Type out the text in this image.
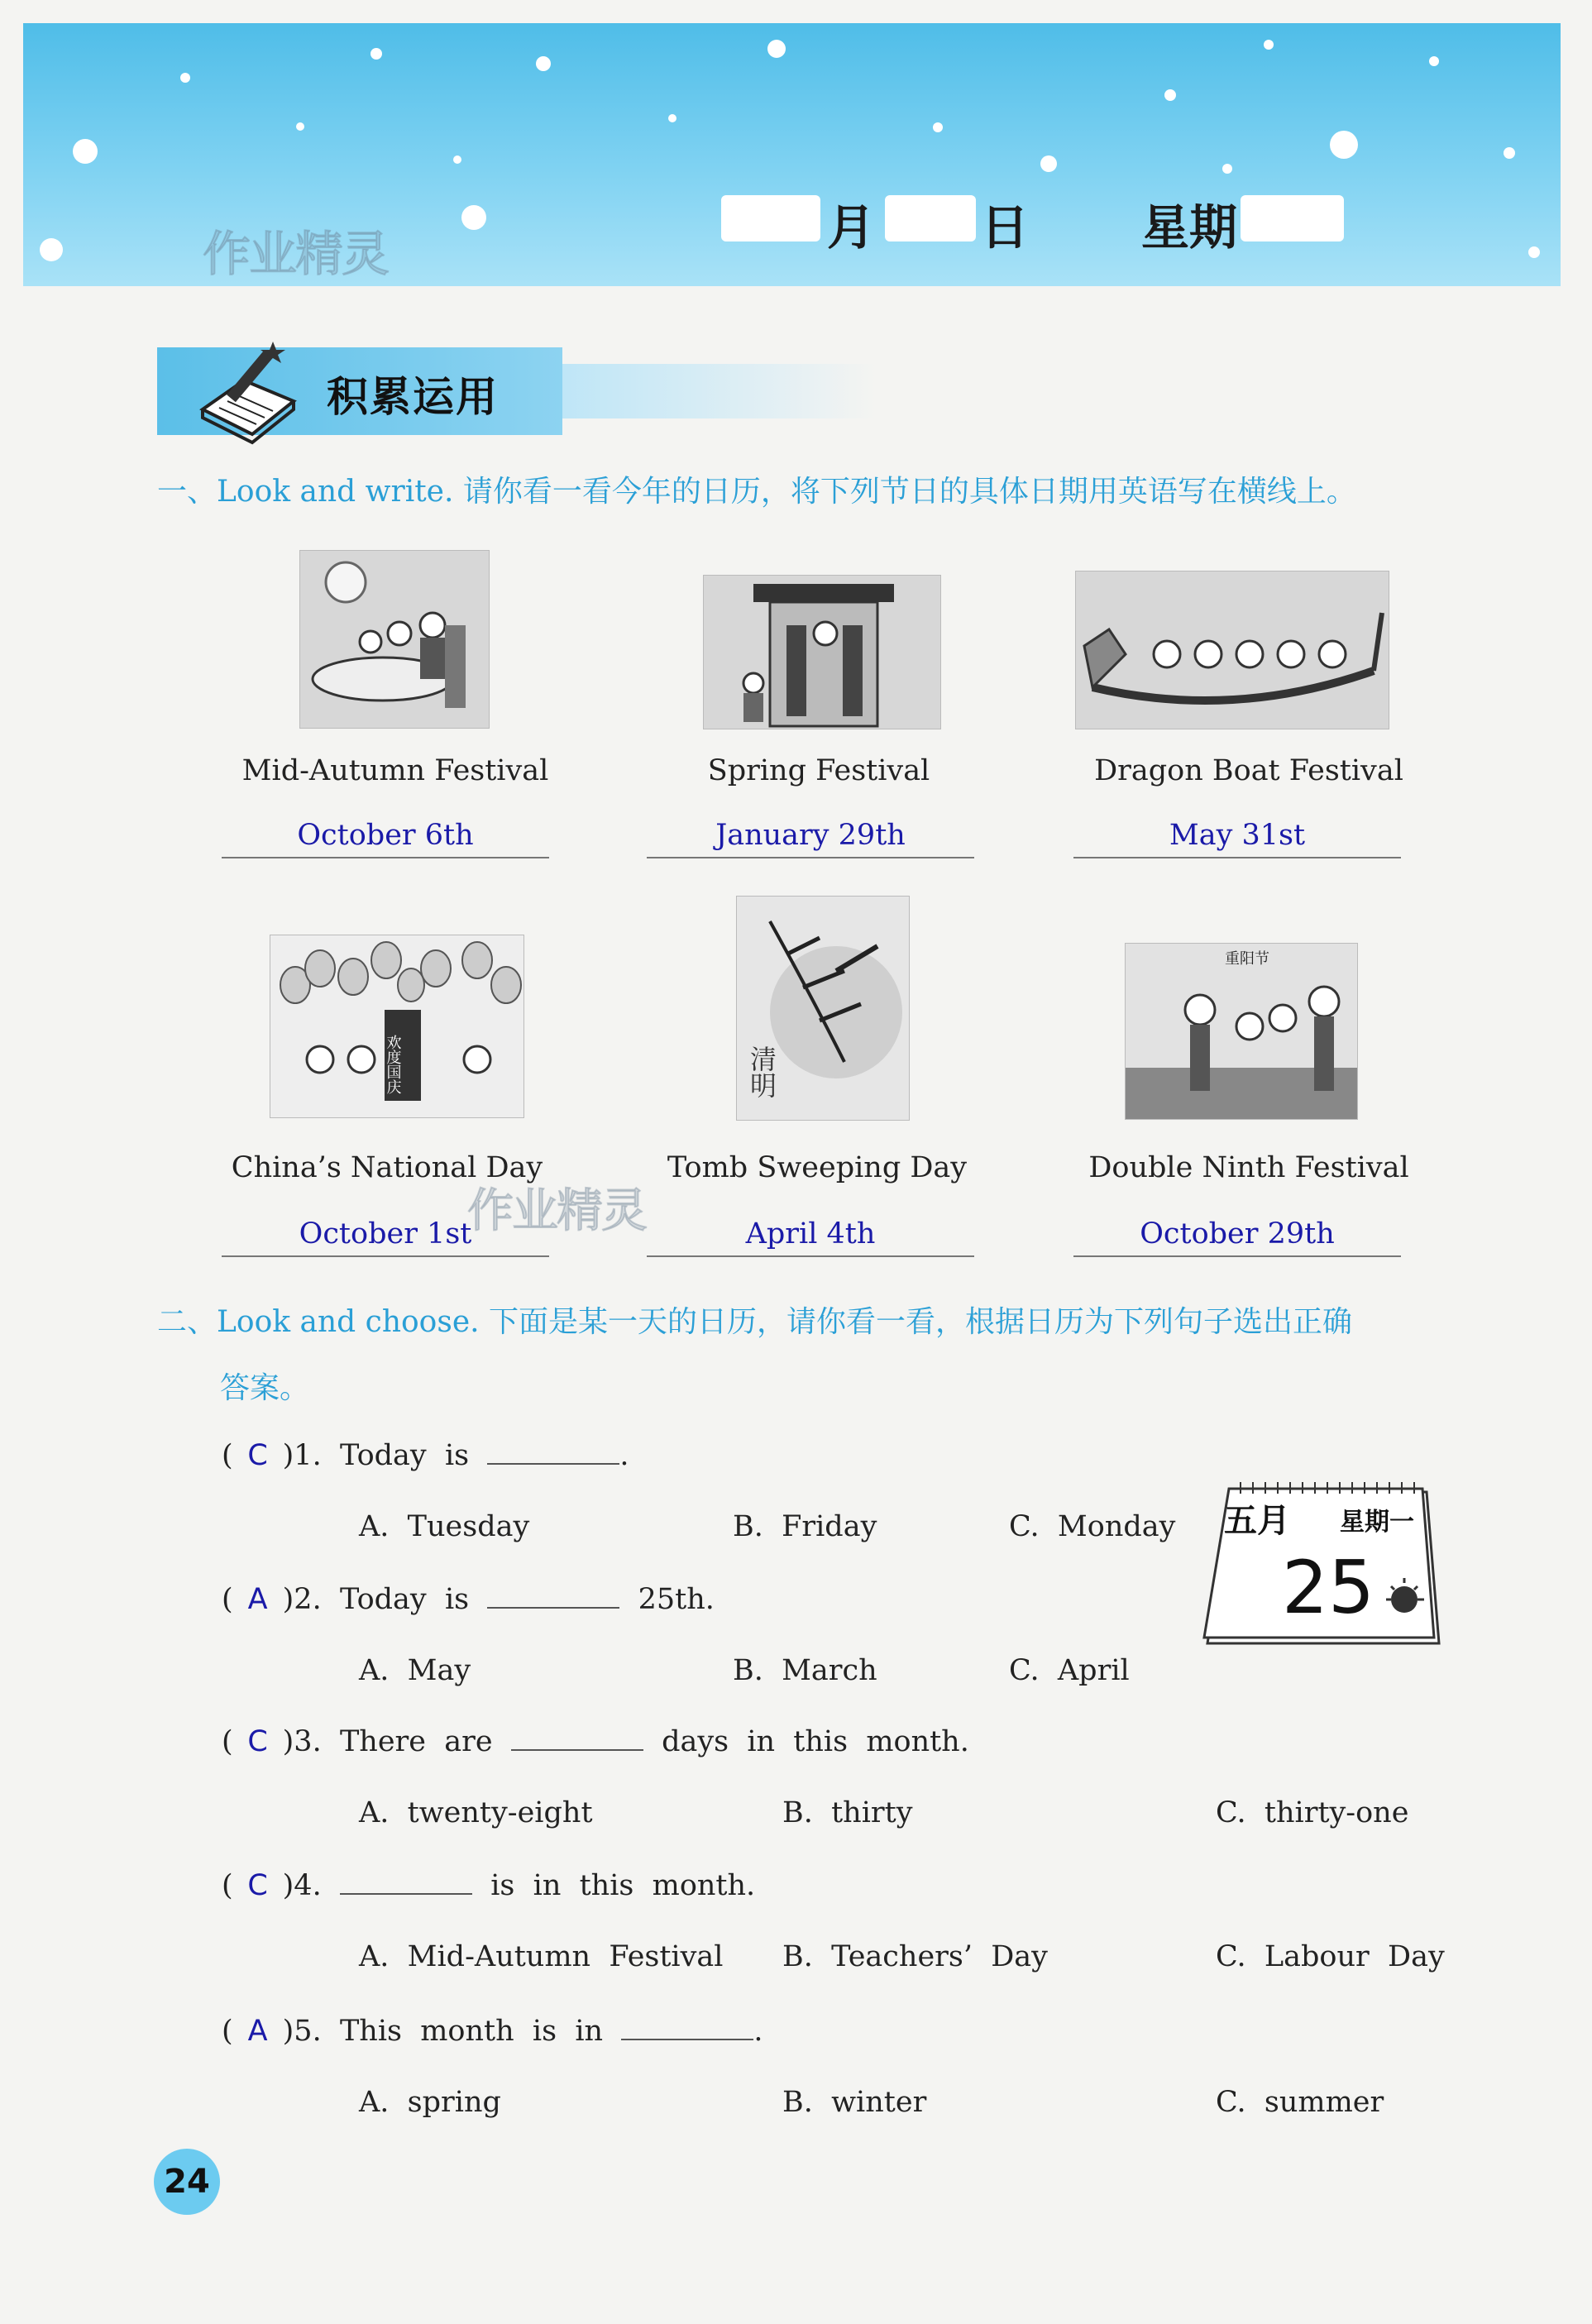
作业精灵	月 日 星期
积累运用
一、Look and write. 请你看一看今年的日历，将下列节日的具体日期用英语写在横线上。
Mid-Autumn Festival	Spring Festival	Dragon Boat Festival
October 6th	January 29th	May 31st
欢度国庆	清明
重阳节
China’s National Day	Tomb Sweeping Day	Double Ninth Festival
October 1st	April 4th	October 29th
作业精灵
二、Look and choose. 下面是某一天的日历，请你看一看，根据日历为下列句子选出正确
答案。
五月 星期一
25
( C )1.  Today  is	.
A.  Tuesday	B.  Friday	C.  Monday
( A )2.  Today  is	25th.
A.  May	B.  March	C.  April
( C )3.  There  are	days  in  this  month.
A.  twenty-eight	B.  thirty	C.  thirty-one
( C )4.	is  in  this  month.
A.  Mid-Autumn  Festival B.  Teachers’  Day	C.  Labour  Day
( A )5.  This  month  is  in	.
A.  spring	B.  winter	C.  summer
24
